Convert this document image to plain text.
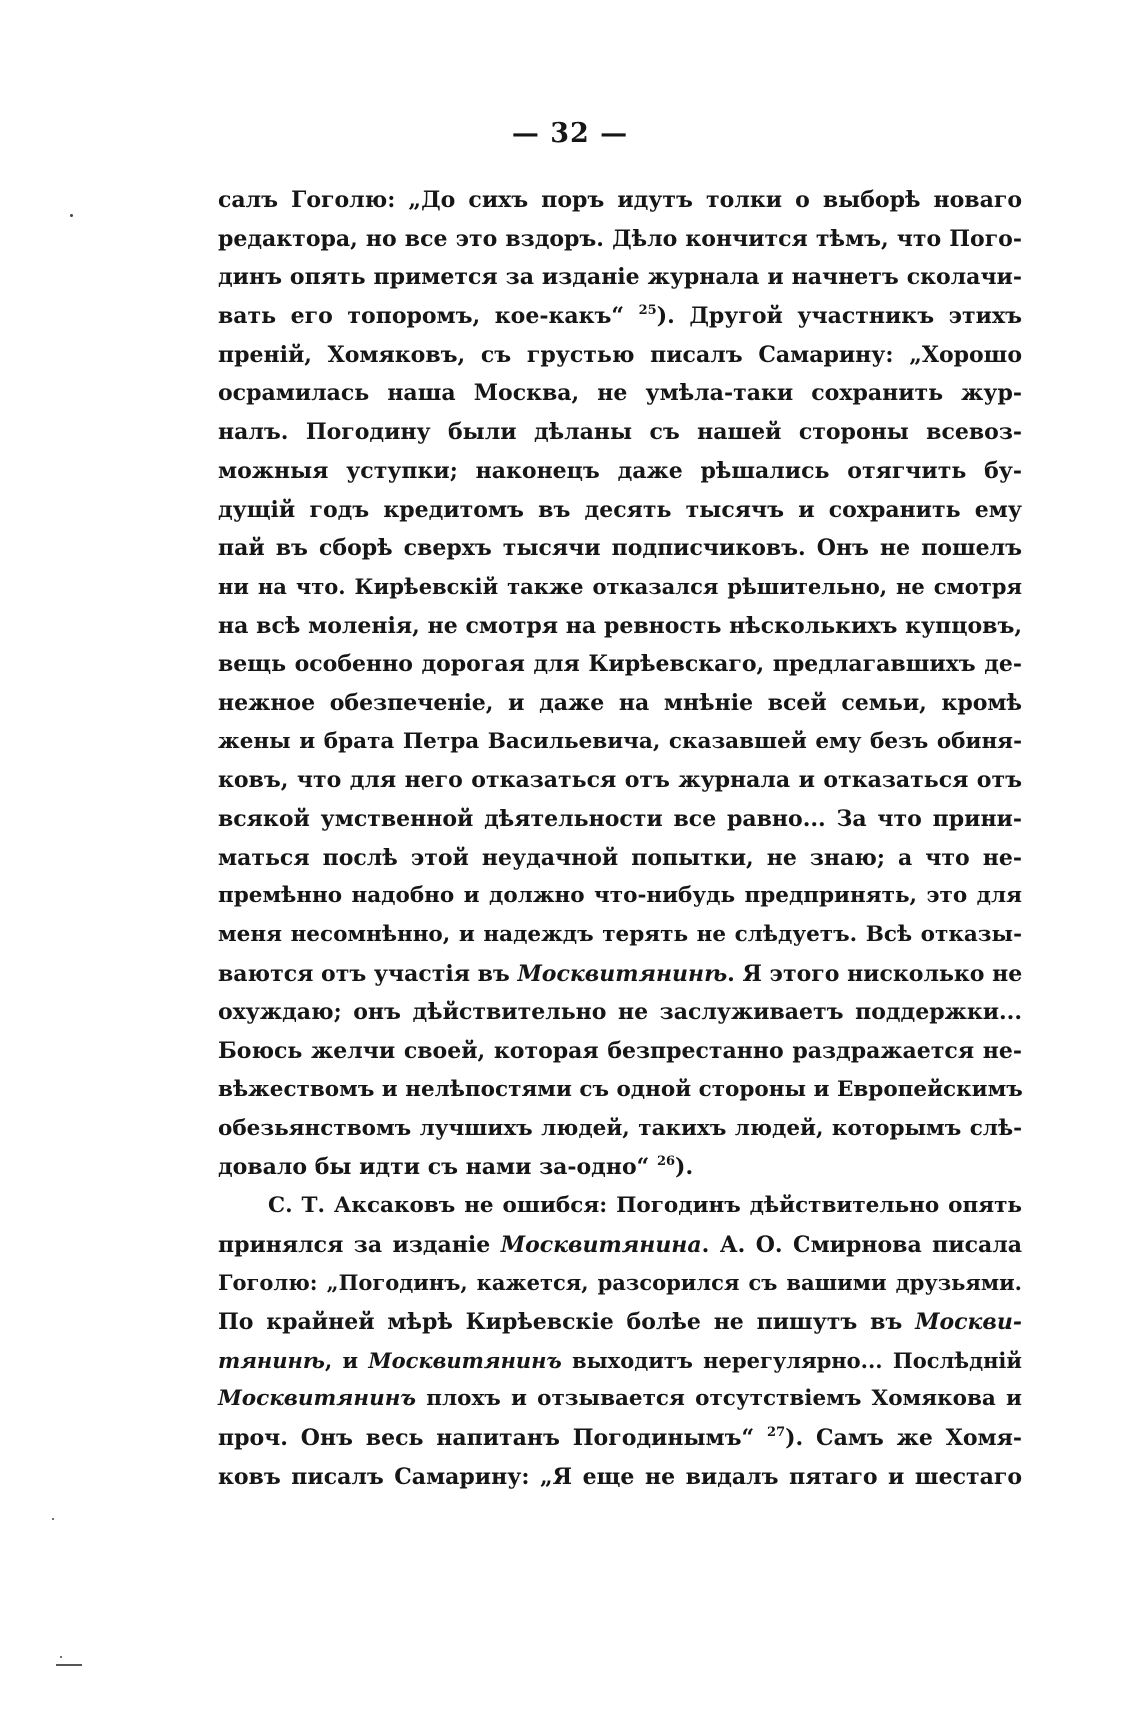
— 32 —
салъ Гоголю: „До сихъ поръ идутъ толки о выборѣ новаго
редактора, но все это вздоръ. Дѣло кончится тѣмъ, что Пого-
динъ опять примется за изданіе журнала и начнетъ сколачи-
вать его топоромъ, кое-какъ“ $^{25}$). Другой участникъ этихъ
преній, Хомяковъ, съ грустью писалъ Самарину: „Хорошо
осрамилась наша Москва, не умѣла-таки сохранить жур-
налъ. Погодину были дѣланы съ нашей стороны всевоз-
можныя уступки; наконецъ даже рѣшались отягчить бу-
дущій годъ кредитомъ въ десять тысячъ и сохранить ему
пай въ сборѣ сверхъ тысячи подписчиковъ. Онъ не пошелъ
ни на что. Кирѣевскій также отказался рѣшительно, не смотря
на всѣ моленія, не смотря на ревность нѣсколькихъ купцовъ,
вещь особенно дорогая для Кирѣевскаго, предлагавшихъ де-
нежное обезпеченіе, и даже на мнѣніе всей семьи, кромѣ
жены и брата Петра Васильевича, сказавшей ему безъ обиня-
ковъ, что для него отказаться отъ журнала и отказаться отъ
всякой умственной дѣятельности все равно... За что прини-
маться послѣ этой неудачной попытки, не знаю; а что не-
премѣнно надобно и должно что-нибудь предпринять, это для
меня несомнѣнно, и надеждъ терять не слѣдуетъ. Всѣ отказы-
ваются отъ участія въ Москвитянинѣ. Я этого нисколько не
охуждаю; онъ дѣйствительно не заслуживаетъ поддержки...
Боюсь желчи своей, которая безпрестанно раздражается не-
вѣжествомъ и нелѣпостями съ одной стороны и Европейскимъ
обезьянствомъ лучшихъ людей, такихъ людей, которымъ слѣ-
довало бы идти съ нами за-одно“ $^{26}$).
С. Т. Аксаковъ не ошибся: Погодинъ дѣйствительно опять
принялся за изданіе Москвитянина. А. О. Смирнова писала
Гоголю: „Погодинъ, кажется, разсорился съ вашими друзьями.
По крайней мѣрѣ Кирѣевскіе болѣе не пишутъ въ Москви-
тянинѣ, и Москвитянинъ выходитъ нерегулярно... Послѣдній
Москвитянинъ плохъ и отзывается отсутствіемъ Хомякова и
проч. Онъ весь напитанъ Погодинымъ“ $^{27}$). Самъ же Хомя-
ковъ писалъ Самарину: „Я еще не видалъ пятаго и шестаго
